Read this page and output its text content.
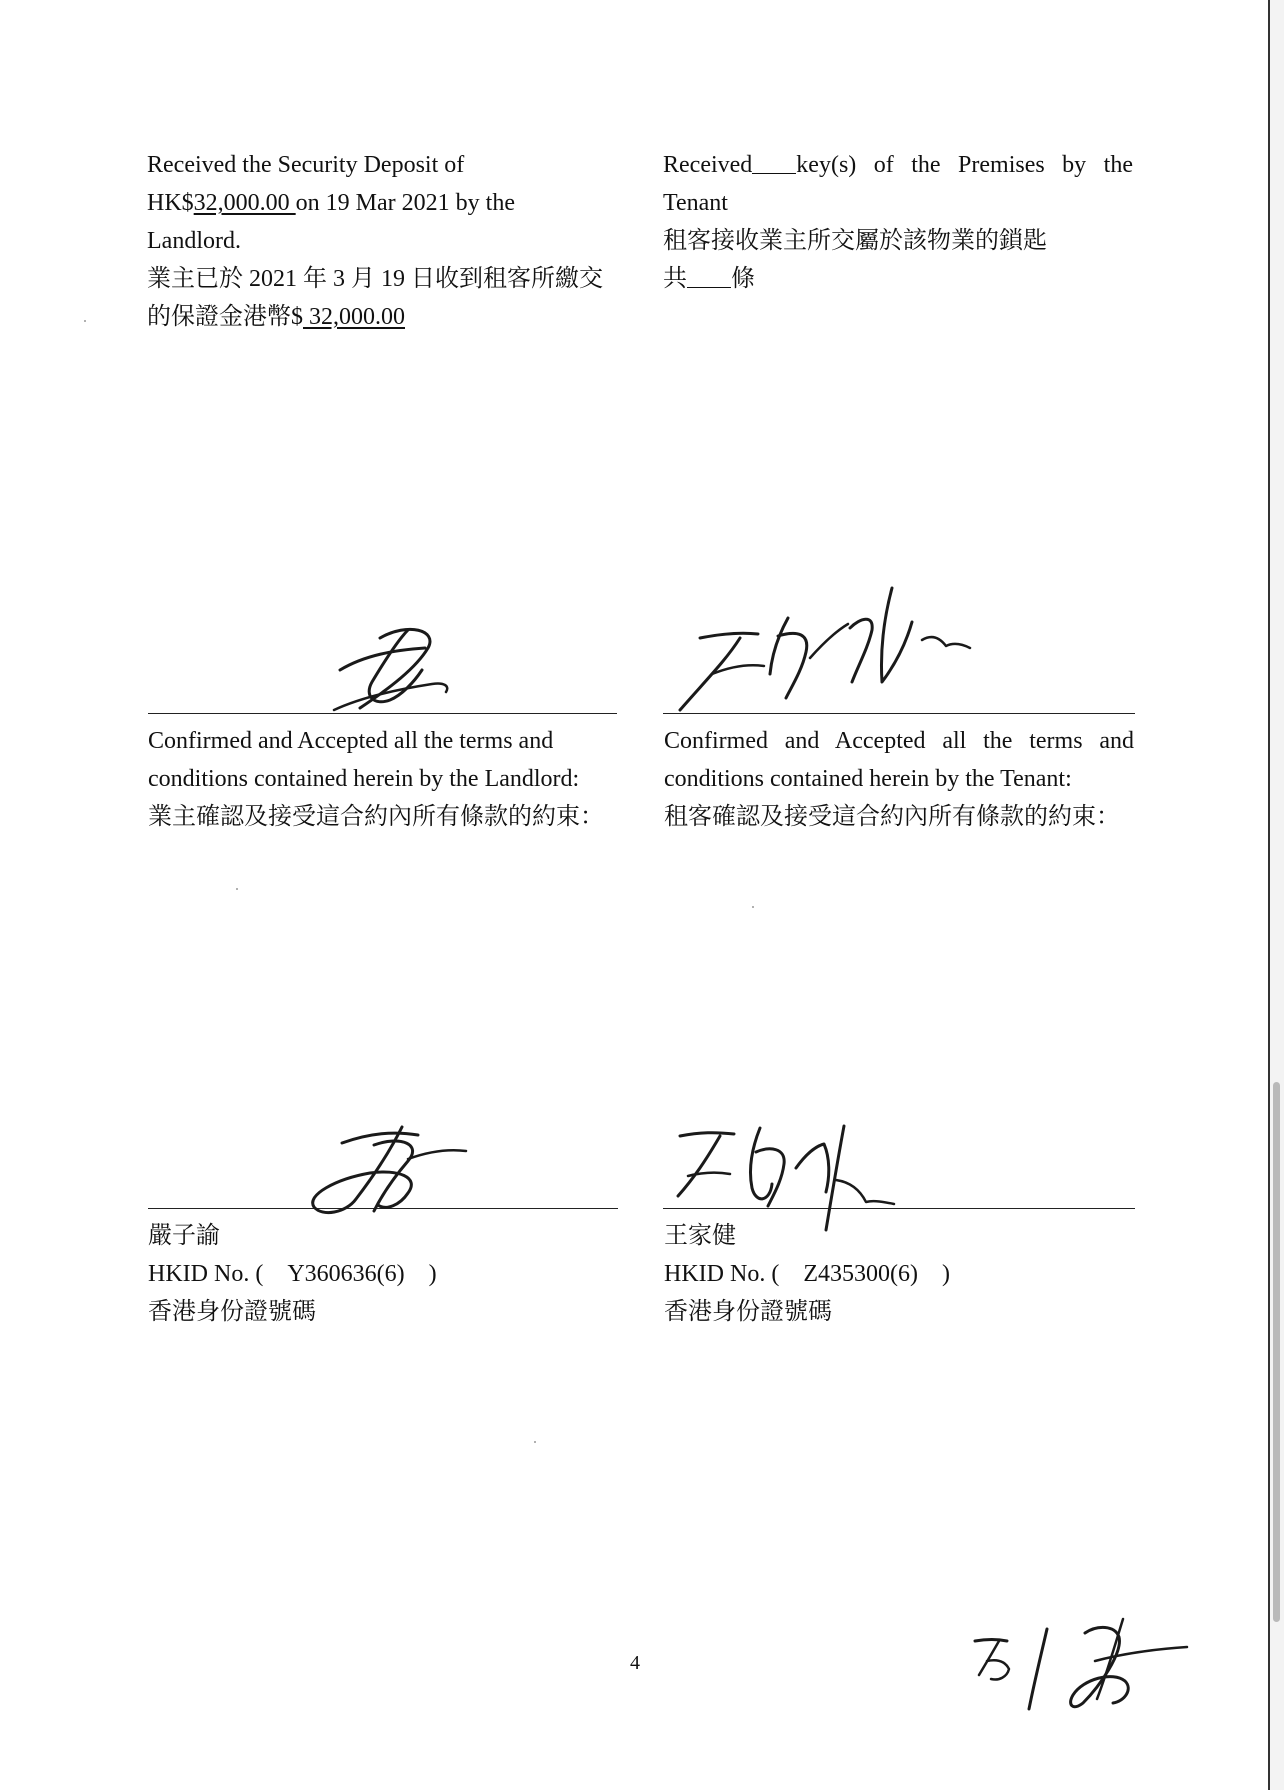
Received the Security Deposit of
HK$32,000.00 on 19 Mar 2021 by the
Landlord.
業主已於 2021 年 3 月 19 日收到租客所繳交
的保證金港幣$ 32,000.00
Received key(s) of the Premises by the
Tenant
租客接收業主所交屬於該物業的鎖匙
共 條
Confirmed and Accepted all the terms and
conditions contained herein by the Landlord:
業主確認及接受這合約內所有條款的約束：
Confirmed and Accepted all the terms and
conditions contained herein by the Tenant:
租客確認及接受這合約內所有條款的約束：
嚴子諭
HKID No. ( Y360636(6) )
香港身份證號碼
王家健
HKID No. ( Z435300(6) )
香港身份證號碼
4
